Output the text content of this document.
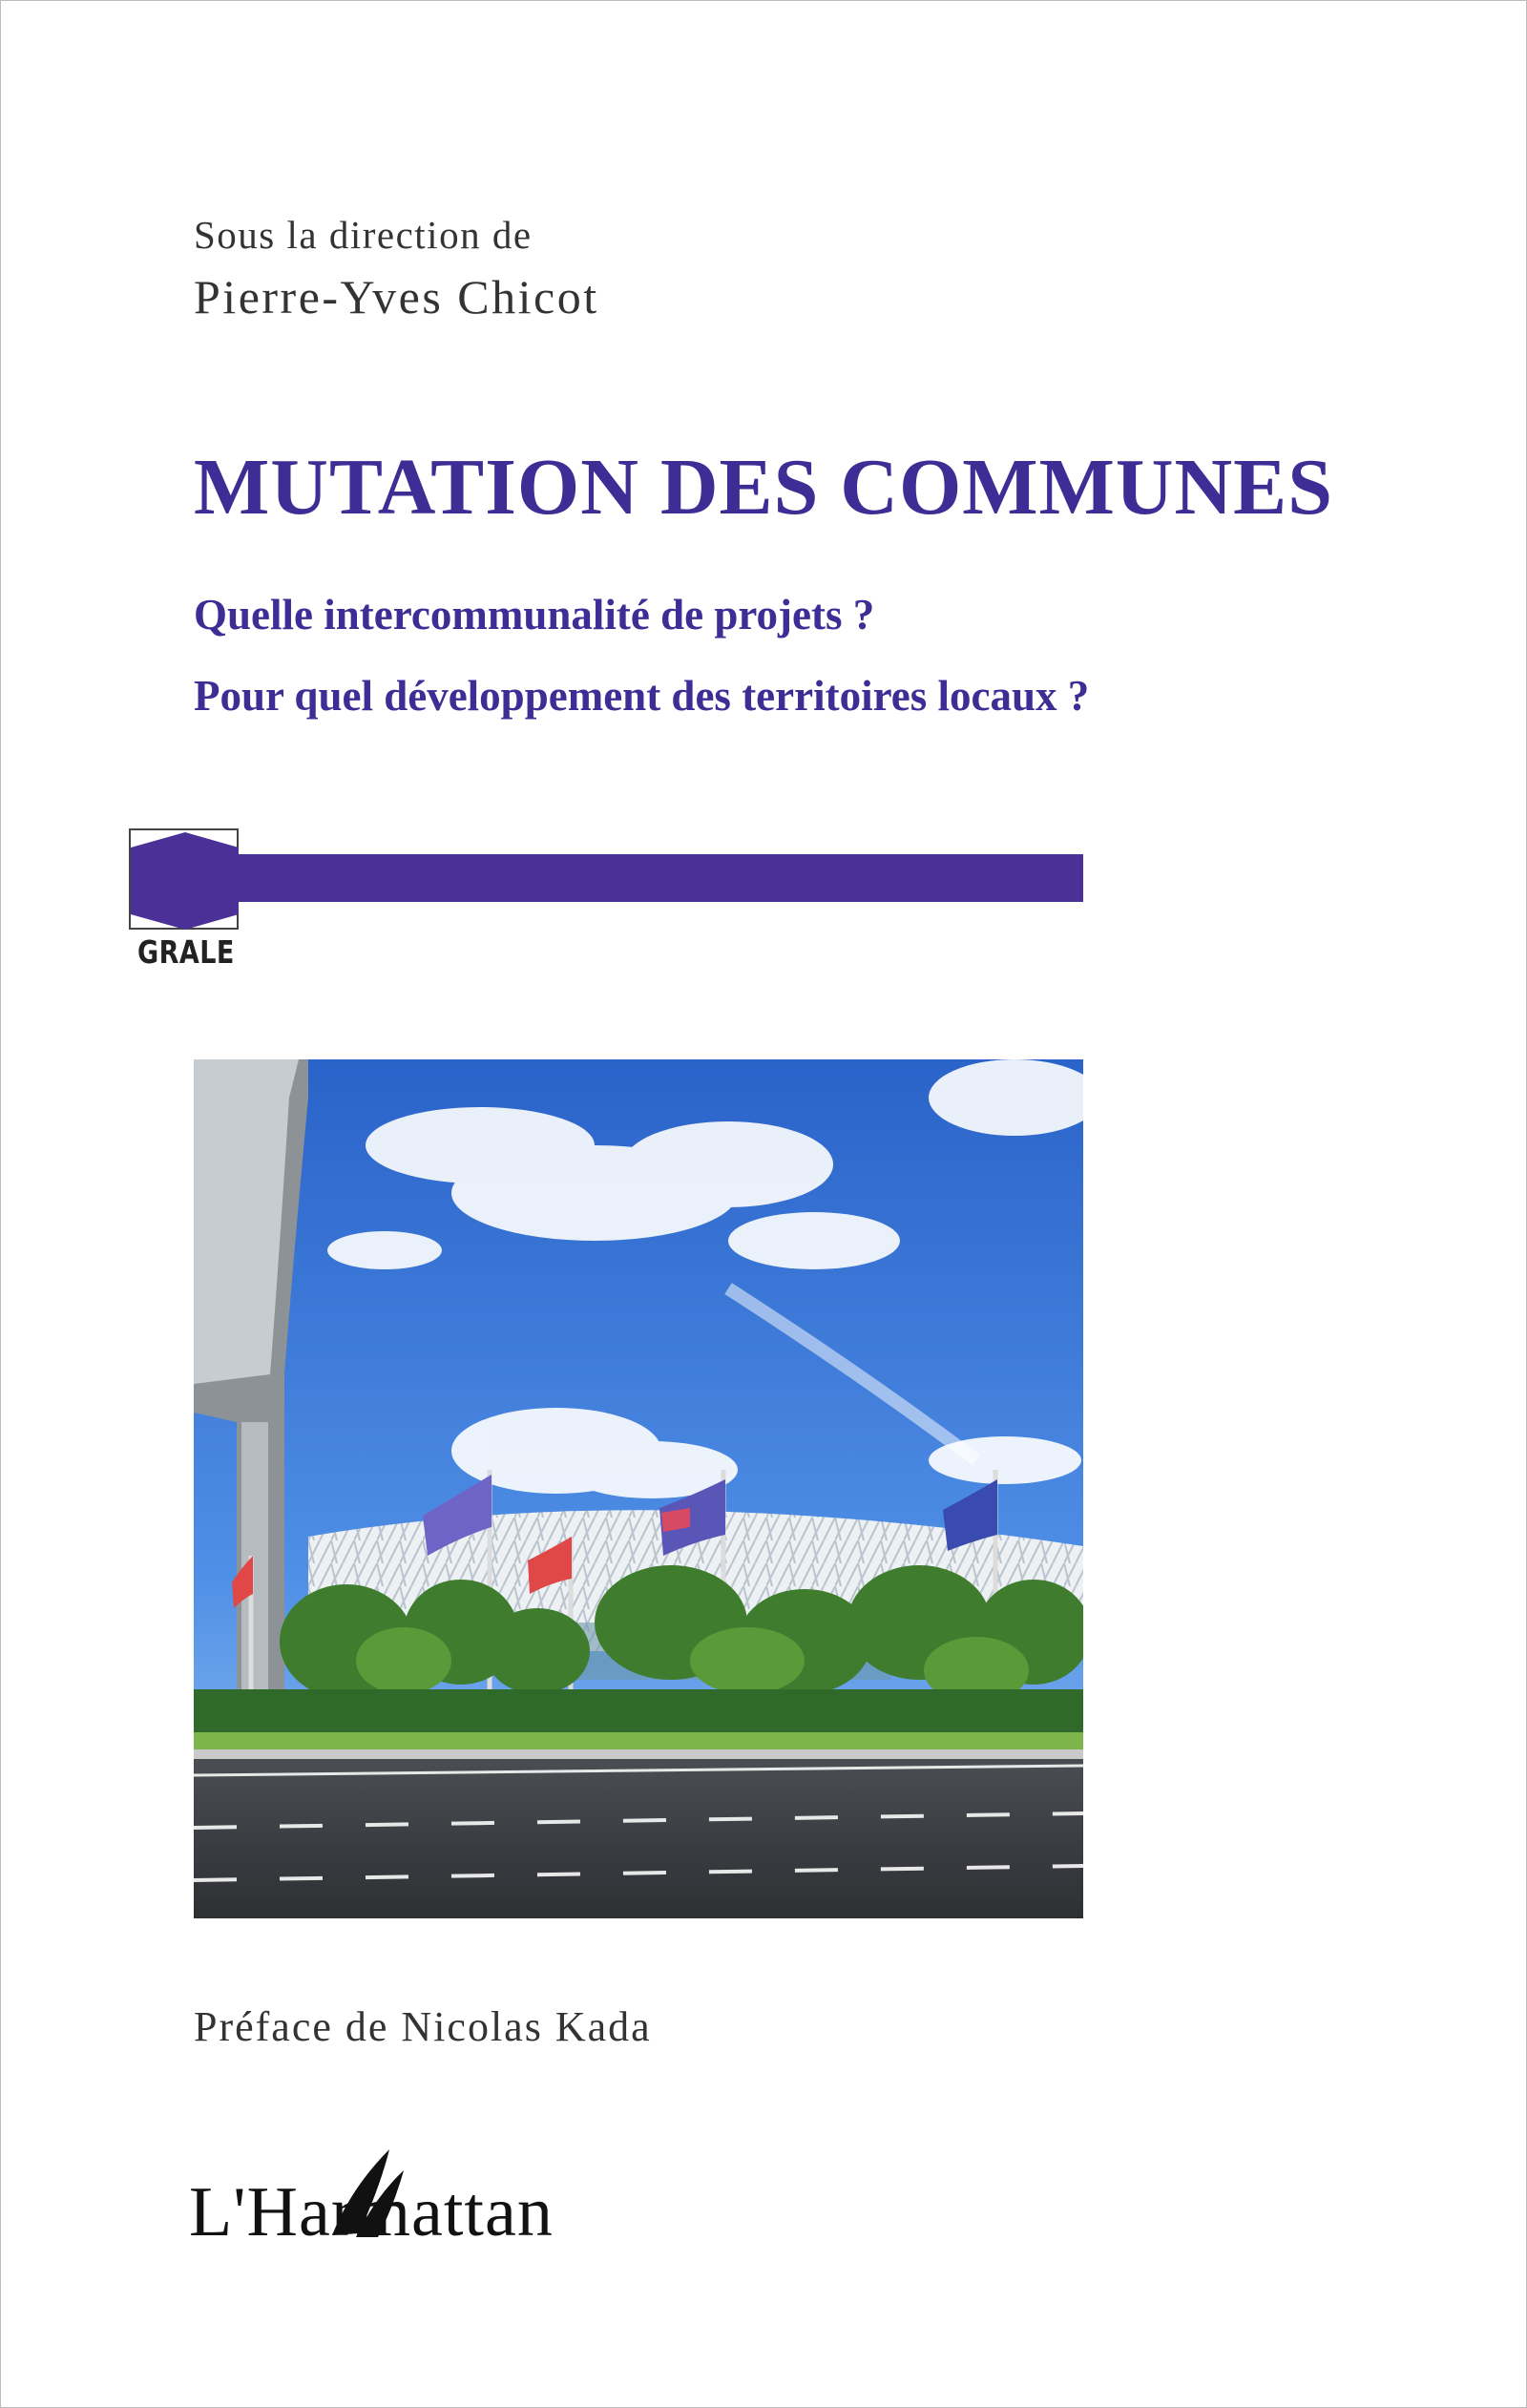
Sous la direction de
Pierre-Yves Chicot
MUTATION DES COMMUNES
Quelle intercommunalité de projets ?
Pour quel développement des territoires locaux ?
GRALE
Préface de Nicolas Kada
L'Harmattan
